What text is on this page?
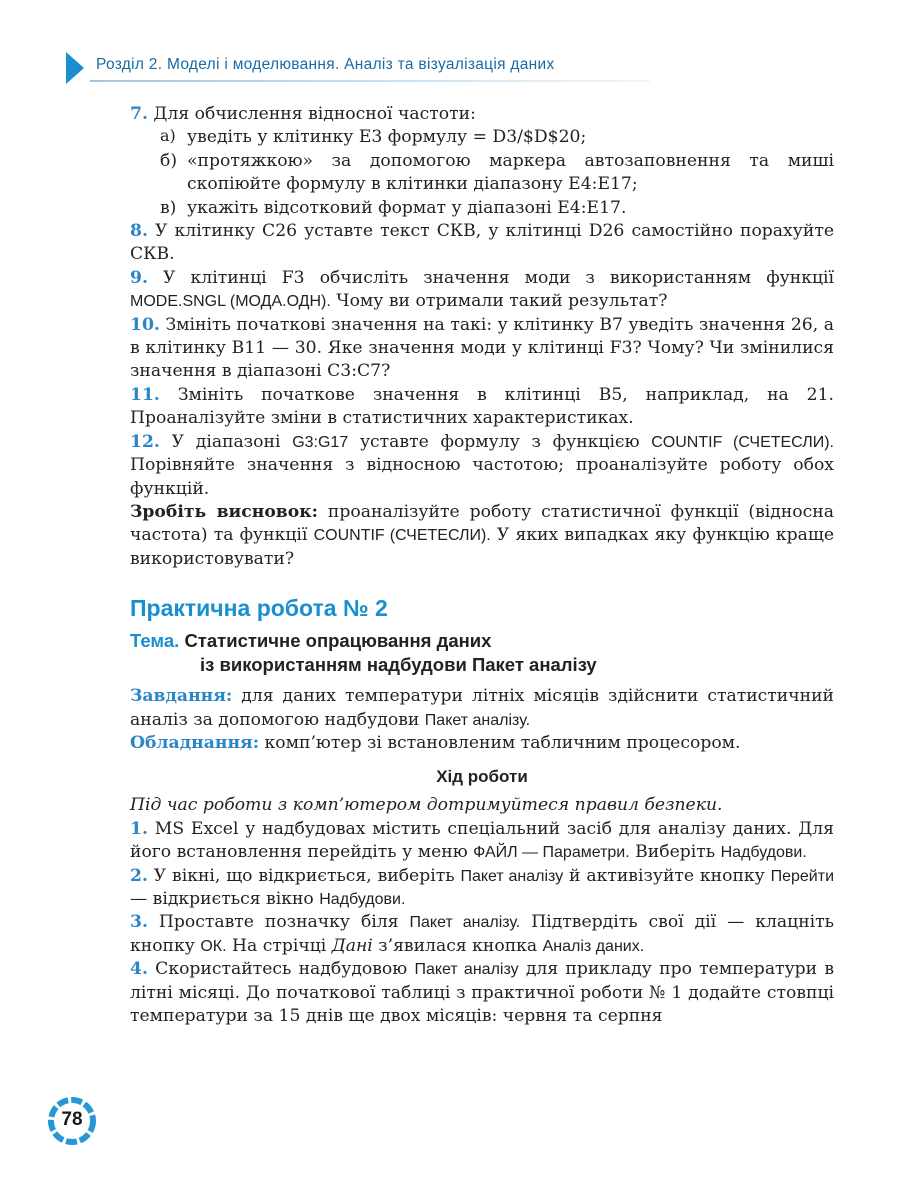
Розділ 2. Моделі і моделювання. Аналіз та візуалізація даних

7. Для обчислення відносної частоти:

а) уведіть у клітинку E3 формулу = D3/$D$20;
б) «протяжкою» за допомогою маркера автозаповнення та миші скопіюйте формулу в клітинки діапазону E4:E17;
в) укажіть відсотковий формат у діапазоні E4:E17.

8. У клітинку C26 уставте текст СКВ, у клітинці D26 самостійно порахуйте СКВ.

9. У клітинці F3 обчисліть значення моди з використанням функції MODE.SNGL (МОДА.ОДН). Чому ви отримали такий результат?

10. Змініть початкові значення на такі: у клітинку B7 уведіть значення 26, а в клітинку B11 — 30. Яке значення моди у клітинці F3? Чому? Чи змінилися значення в діапазоні C3:C7?

11. Змініть початкове значення в клітинці B5, наприклад, на 21. Проаналізуйте зміни в статистичних характеристиках.

12. У діапазоні G3:G17 уставте формулу з функцією COUNTIF (СЧЕТЕСЛИ). Порівняйте значення з відносною частотою; проаналізуйте роботу обох функцій.

Зробіть висновок: проаналізуйте роботу статистичної функції (відносна частота) та функції COUNTIF (СЧЕТЕСЛИ). У яких випадках яку функцію краще використовувати?

Практична робота № 2
Тема. Статистичне опрацювання даних
із використанням надбудови Пакет аналізу

Завдання: для даних температури літніх місяців здійснити статистичний аналіз за допомогою надбудови Пакет аналізу.

Обладнання: комп’ютер зі встановленим табличним процесором.

Хід роботи

Під час роботи з комп’ютером дотримуйтеся правил безпеки.

1. MS Excel у надбудовах містить спеціальний засіб для аналізу даних. Для його встановлення перейдіть у меню ФАЙЛ — Параметри. Виберіть Надбудови.

2. У вікні, що відкриється, виберіть Пакет аналізу й активізуйте кнопку Перейти — відкриється вікно Надбудови.

3. Проставте позначку біля Пакет аналізу. Підтвердіть свої дії — клацніть кнопку ОК. На стрічці Дані з’явилася кнопка Аналіз даних.

4. Скористайтесь надбудовою Пакет аналізу для прикладу про температури в літні місяці. До початкової таблиці з практичної роботи № 1 додайте стовпці температури за 15 днів ще двох місяців: червня та серпня

78
